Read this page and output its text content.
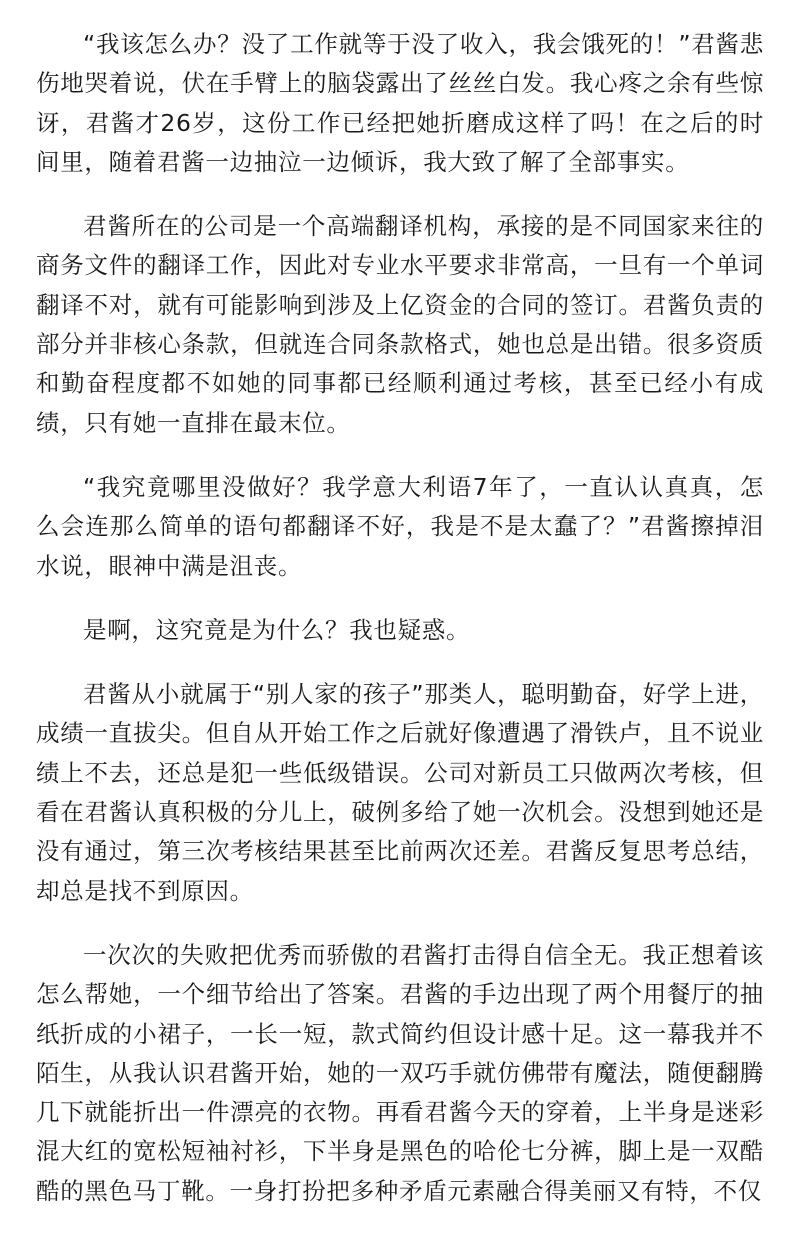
“我该怎么办？没了工作就等于没了收入，我会饿死的！”君酱悲伤地哭着说，伏在手臂上的脑袋露出了丝丝白发。我心疼之余有些惊讶，君酱才26岁，这份工作已经把她折磨成这样了吗！在之后的时间里，随着君酱一边抽泣一边倾诉，我大致了解了全部事实。

君酱所在的公司是一个高端翻译机构，承接的是不同国家来往的商务文件的翻译工作，因此对专业水平要求非常高，一旦有一个单词翻译不对，就有可能影响到涉及上亿资金的合同的签订。君酱负责的部分并非核心条款，但就连合同条款格式，她也总是出错。很多资质和勤奋程度都不如她的同事都已经顺利通过考核，甚至已经小有成绩，只有她一直排在最末位。

“我究竟哪里没做好？我学意大利语7年了，一直认认真真，怎么会连那么简单的语句都翻译不好，我是不是太蠢了？”君酱擦掉泪水说，眼神中满是沮丧。

是啊，这究竟是为什么？我也疑惑。

君酱从小就属于“别人家的孩子”那类人，聪明勤奋，好学上进，成绩一直拔尖。但自从开始工作之后就好像遭遇了滑铁卢，且不说业绩上不去，还总是犯一些低级错误。公司对新员工只做两次考核，但看在君酱认真积极的分儿上，破例多给了她一次机会。没想到她还是没有通过，第三次考核结果甚至比前两次还差。君酱反复思考总结，却总是找不到原因。

一次次的失败把优秀而骄傲的君酱打击得自信全无。我正想着该怎么帮她，一个细节给出了答案。君酱的手边出现了两个用餐厅的抽纸折成的小裙子，一长一短，款式简约但设计感十足。这一幕我并不陌生，从我认识君酱开始，她的一双巧手就仿佛带有魔法，随便翻腾几下就能折出一件漂亮的衣物。再看君酱今天的穿着，上半身是迷彩混大红的宽松短袖衬衫，下半身是黑色的哈伦七分裤，脚上是一双酷酷的黑色马丁靴。一身打扮把多种矛盾元素融合得美丽又有特，不仅
